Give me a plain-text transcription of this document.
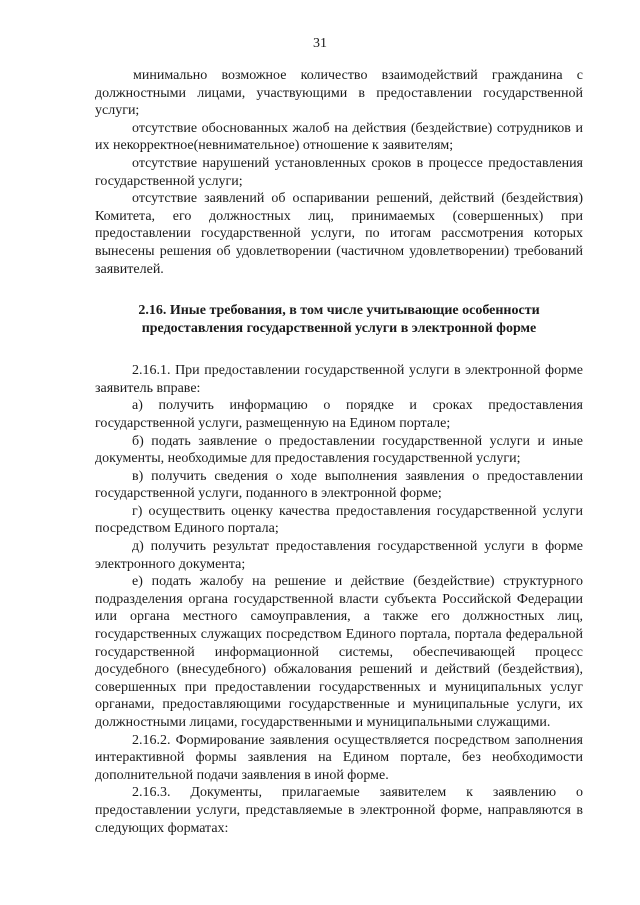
31

минимально возможное количество взаимодействий гражданина с должностными лицами, участвующими в предоставлении государственной услуги;

отсутствие обоснованных жалоб на действия (бездействие) сотрудников и их некорректное(невнимательное) отношение к заявителям;

отсутствие нарушений установленных сроков в процессе предоставления государственной услуги;

отсутствие заявлений об оспаривании решений, действий (бездействия) Комитета, его должностных лиц, принимаемых (совершенных) при предоставлении государственной услуги, по итогам рассмотрения которых вынесены решения об удовлетворении (частичном удовлетворении) требований заявителей.

2.16. Иные требования, в том числе учитывающие особенности
предоставления государственной услуги в электронной форме

2.16.1. При предоставлении государственной услуги в электронной форме заявитель вправе:

а) получить информацию о порядке и сроках предоставления государственной услуги, размещенную на Едином портале;

б) подать заявление о предоставлении государственной услуги и иные документы, необходимые для предоставления государственной услуги;

в) получить сведения о ходе выполнения заявления о предоставлении государственной услуги, поданного в электронной форме;

г) осуществить оценку качества предоставления государственной услуги посредством Единого портала;

д) получить результат предоставления государственной услуги в форме электронного документа;

е) подать жалобу на решение и действие (бездействие) структурного подразделения органа государственной власти субъекта Российской Федерации или органа местного самоуправления, а также его должностных лиц, государственных служащих посредством Единого портала, портала федеральной государственной информационной системы, обеспечивающей процесс досудебного (внесудебного) обжалования решений и действий (бездействия), совершенных при предоставлении государственных и муниципальных услуг органами, предоставляющими государственные и муниципальные услуги, их должностными лицами, государственными и муниципальными служащими.

2.16.2. Формирование заявления осуществляется посредством заполнения интерактивной формы заявления на Едином портале, без необходимости дополнительной подачи заявления в иной форме.

2.16.3. Документы, прилагаемые заявителем к заявлению о предоставлении услуги, представляемые в электронной форме, направляются в следующих форматах:
